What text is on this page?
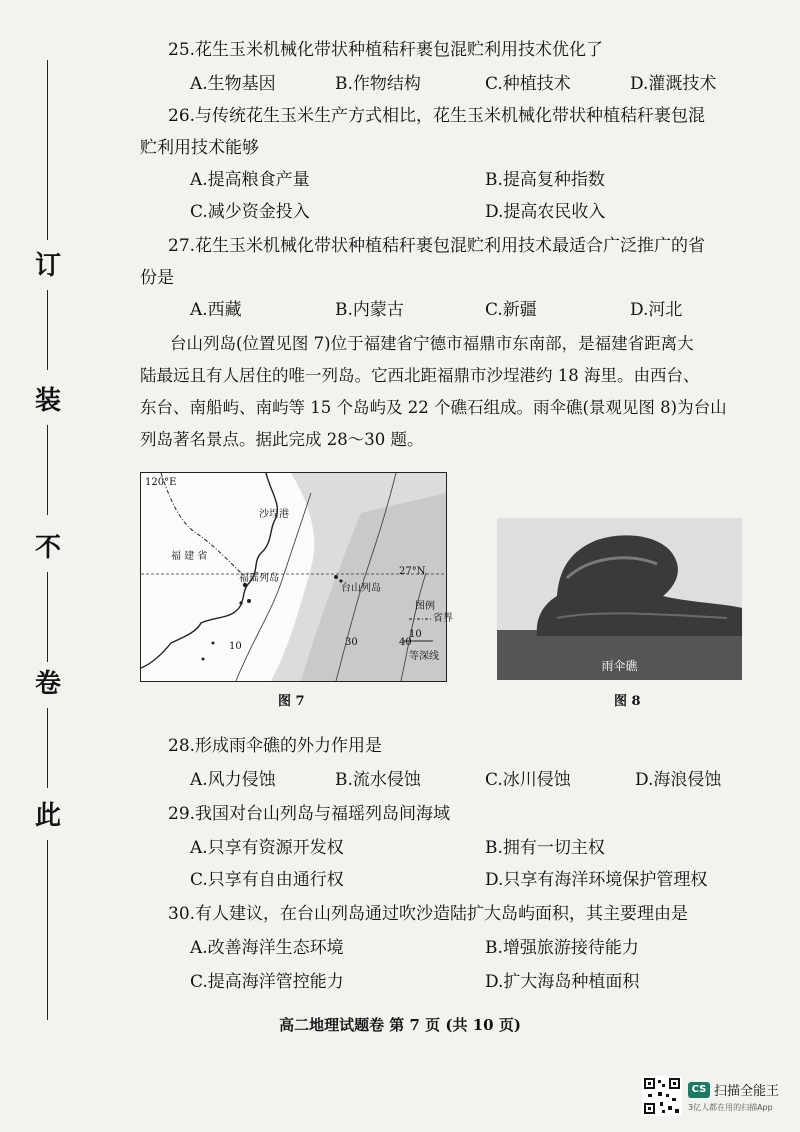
订
装
不
卷
此
25.花生玉米机械化带状种植秸秆裹包混贮利用技术优化了
A.生物基因	B.作物结构	C.种植技术	D.灌溉技术
26.与传统花生玉米生产方式相比，花生玉米机械化带状种植秸秆裹包混
贮利用技术能够
A.提高粮食产量	B.提高复种指数
C.减少资金投入	D.提高农民收入
27.花生玉米机械化带状种植秸秆裹包混贮利用技术最适合广泛推广的省
份是
A.西藏	B.内蒙古	C.新疆	D.河北
台山列岛(位置见图 7)位于福建省宁德市福鼎市东南部，是福建省距离大
陆最远且有人居住的唯一列岛。它西北距福鼎市沙埕港约 18 海里。由西台、
东台、南船屿、南屿等 15 个岛屿及 22 个礁石组成。雨伞礁(景观见图 8)为台山
列岛著名景点。据此完成 28～30 题。
120°E
27°N
沙埕港
福 建 省
福瑶列岛
台山列岛
10	30	40
图例
省界
10
等深线
图 7
雨伞礁
图 8
28.形成雨伞礁的外力作用是
A.风力侵蚀	B.流水侵蚀	C.冰川侵蚀	D.海浪侵蚀
29.我国对台山列岛与福瑶列岛间海域
A.只享有资源开发权	B.拥有一切主权
C.只享有自由通行权	D.只享有海洋环境保护管理权
30.有人建议，在台山列岛通过吹沙造陆扩大岛屿面积，其主要理由是
A.改善海洋生态环境	B.增强旅游接待能力
C.提高海洋管控能力	D.扩大海岛种植面积
高二地理试题卷 第 7 页 (共 10 页)
CS 扫描全能王
3亿人都在用的扫描App
